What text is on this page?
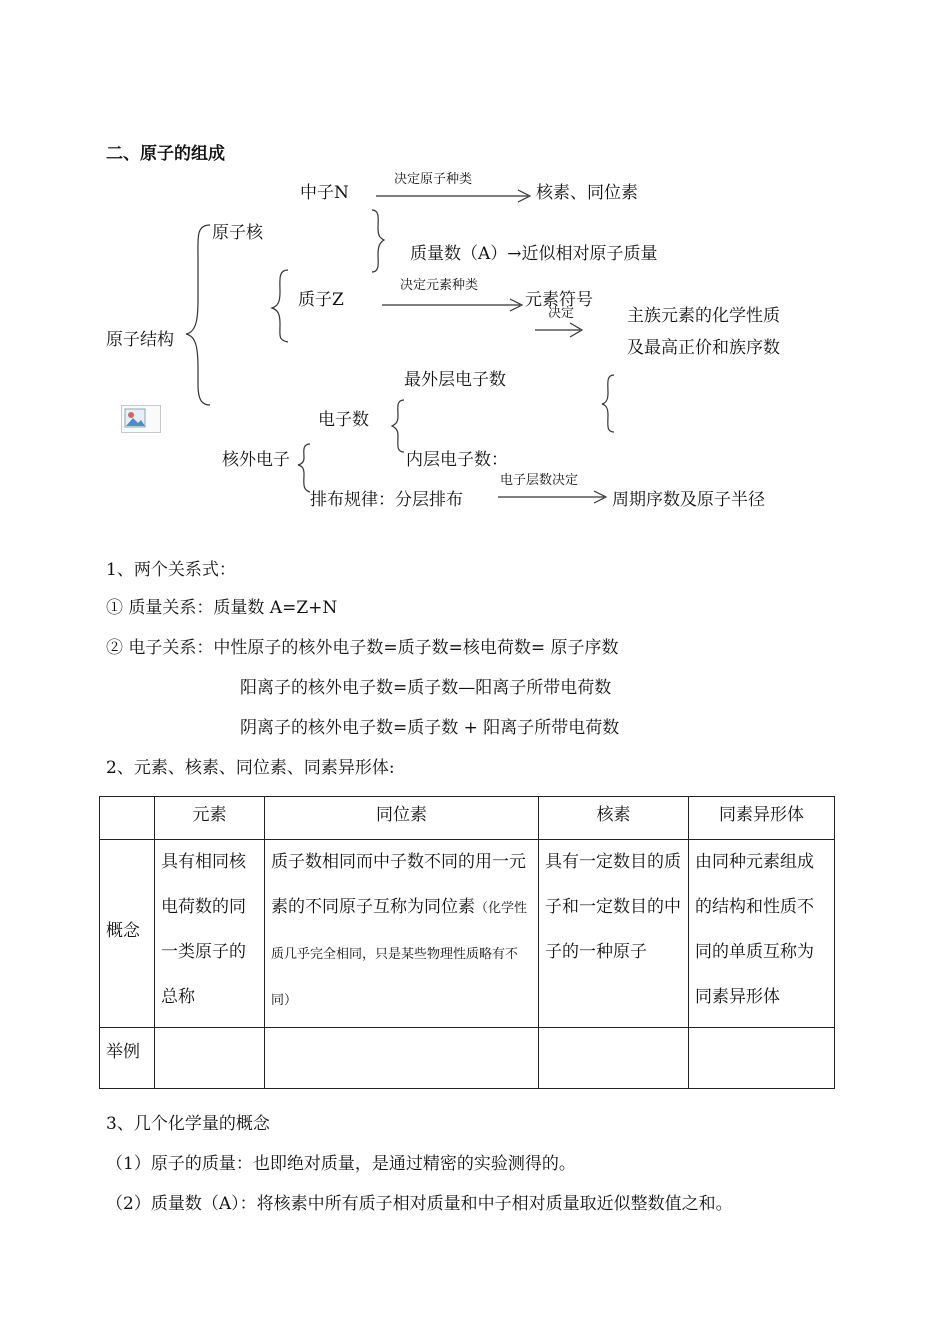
二、原子的组成
原子结构
原子核
中子N
决定原子种类
核素、同位素
质量数（A）→近似相对原子质量
质子Z
决定元素种类
元素符号
决定	主族元素的化学性质
及最高正价和族序数
最外层电子数
电子数
内层电子数：
核外电子
排布规律：分层排布
电子层数决定
周期序数及原子半径
1、两个关系式：
① 质量关系：质量数 A=Z+N
② 电子关系：中性原子的核外电子数=质子数=核电荷数= 原子序数
阳离子的核外电子数=质子数—阳离子所带电荷数
阴离子的核外电子数=质子数 + 阳离子所带电荷数
2、元素、核素、同位素、同素异形体:
	元素	同位素	核素	同素异形体
概念	具有相同核电荷数的同一类原子的总称	质子数相同而中子数不同的用一元素的不同原子互称为同位素（化学性质几乎完全相同，只是某些物理性质略有不同）	具有一定数目的质子和一定数目的中子的一种原子	由同种元素组成的结构和性质不同的单质互称为同素异形体
举例				
3、几个化学量的概念
（1）原子的质量：也即绝对质量，是通过精密的实验测得的。
（2）质量数（A）：将核素中所有质子相对质量和中子相对质量取近似整数值之和。
